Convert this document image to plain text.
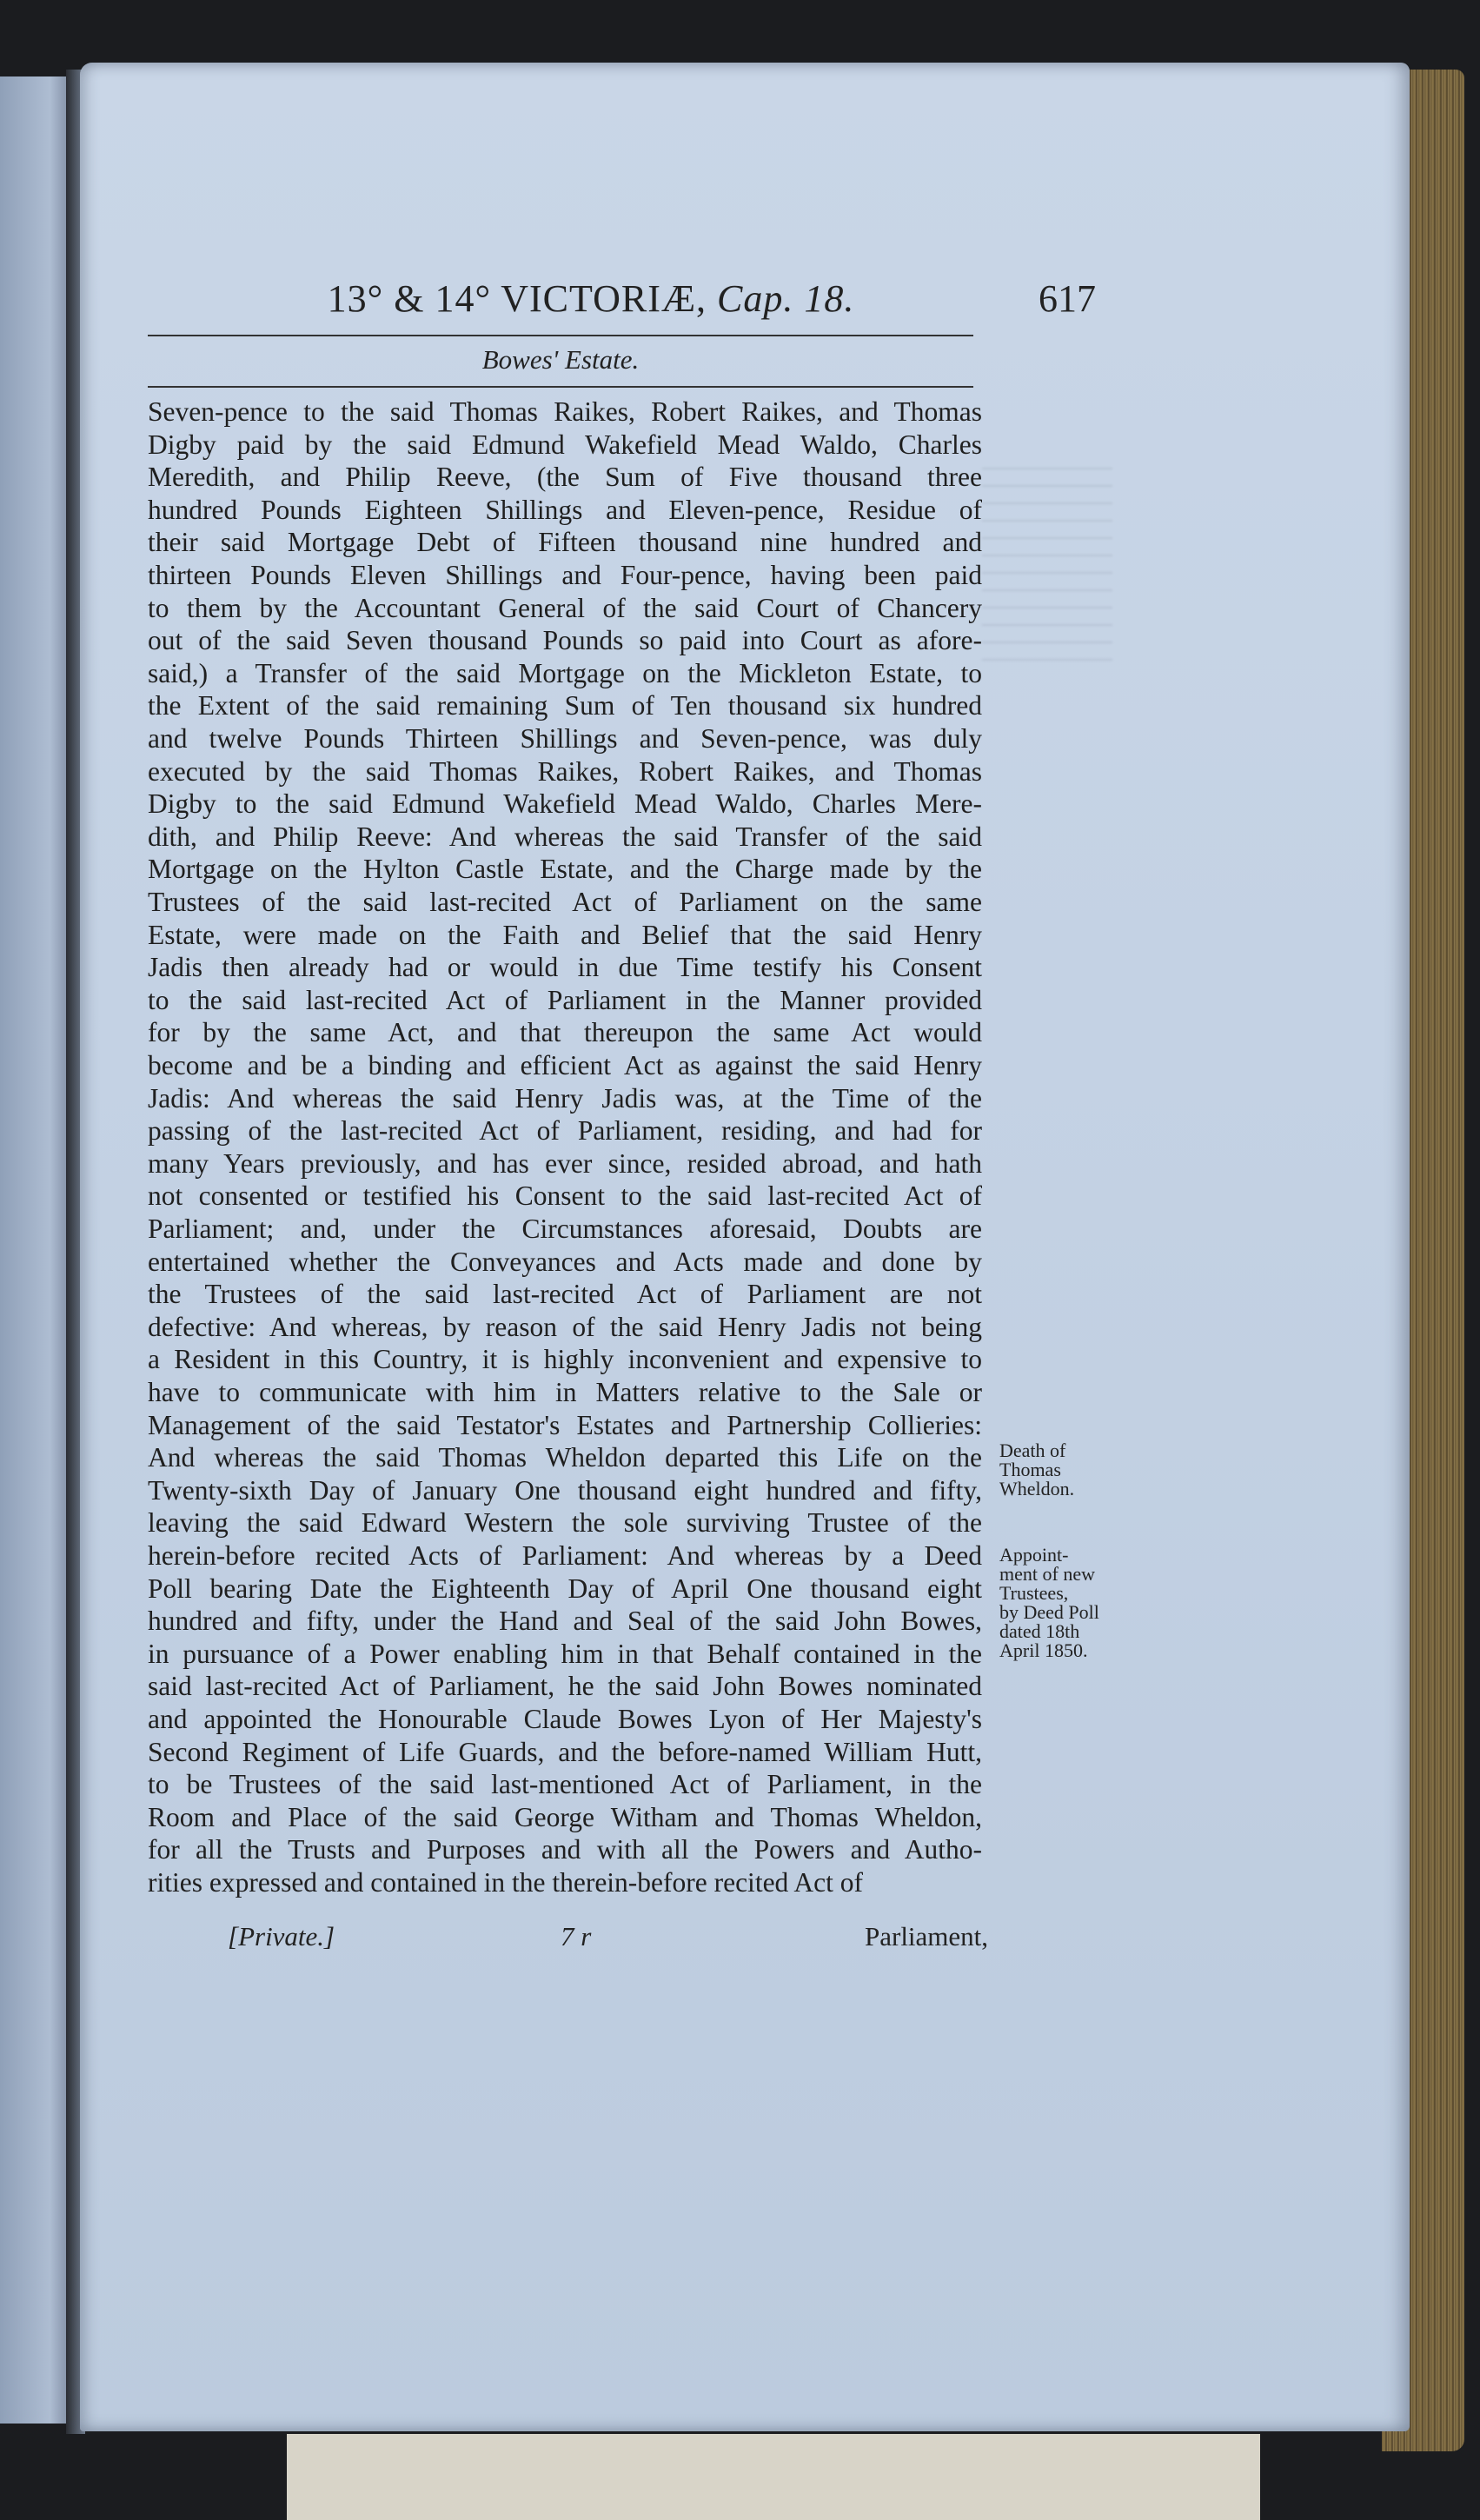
13° & 14° VICTORIÆ, Cap. 18.	617
Bowes' Estate.
Seven-pence to the said Thomas Raikes, Robert Raikes, and Thomas
Digby paid by the said Edmund Wakefield Mead Waldo, Charles
Meredith, and Philip Reeve, (the Sum of Five thousand three
hundred Pounds Eighteen Shillings and Eleven-pence, Residue of
their said Mortgage Debt of Fifteen thousand nine hundred and
thirteen Pounds Eleven Shillings and Four-pence, having been paid
to them by the Accountant General of the said Court of Chancery
out of the said Seven thousand Pounds so paid into Court as afore-
said,) a Transfer of the said Mortgage on the Mickleton Estate, to
the Extent of the said remaining Sum of Ten thousand six hundred
and twelve Pounds Thirteen Shillings and Seven-pence, was duly
executed by the said Thomas Raikes, Robert Raikes, and Thomas
Digby to the said Edmund Wakefield Mead Waldo, Charles Mere-
dith, and Philip Reeve: And whereas the said Transfer of the said
Mortgage on the Hylton Castle Estate, and the Charge made by the
Trustees of the said last-recited Act of Parliament on the same
Estate, were made on the Faith and Belief that the said Henry
Jadis then already had or would in due Time testify his Consent
to the said last-recited Act of Parliament in the Manner provided
for by the same Act, and that thereupon the same Act would
become and be a binding and efficient Act as against the said Henry
Jadis: And whereas the said Henry Jadis was, at the Time of the
passing of the last-recited Act of Parliament, residing, and had for
many Years previously, and has ever since, resided abroad, and hath
not consented or testified his Consent to the said last-recited Act of
Parliament; and, under the Circumstances aforesaid, Doubts are
entertained whether the Conveyances and Acts made and done by
the Trustees of the said last-recited Act of Parliament are not
defective: And whereas, by reason of the said Henry Jadis not being
a Resident in this Country, it is highly inconvenient and expensive to
have to communicate with him in Matters relative to the Sale or
Management of the said Testator's Estates and Partnership Collieries:
And whereas the said Thomas Wheldon departed this Life on the
Twenty-sixth Day of January One thousand eight hundred and fifty,
leaving the said Edward Western the sole surviving Trustee of the
herein-before recited Acts of Parliament: And whereas by a Deed
Poll bearing Date the Eighteenth Day of April One thousand eight
hundred and fifty, under the Hand and Seal of the said John Bowes,
in pursuance of a Power enabling him in that Behalf contained in the
said last-recited Act of Parliament, he the said John Bowes nominated
and appointed the Honourable Claude Bowes Lyon of Her Majesty's
Second Regiment of Life Guards, and the before-named William Hutt,
to be Trustees of the said last-mentioned Act of Parliament, in the
Room and Place of the said George Witham and Thomas Wheldon,
for all the Trusts and Purposes and with all the Powers and Autho-
rities expressed and contained in the therein-before recited Act of
Death of
Thomas
Wheldon.
Appoint-
ment of new
Trustees,
by Deed Poll
dated 18th
April 1850.
[Private.]	7 r	Parliament,
